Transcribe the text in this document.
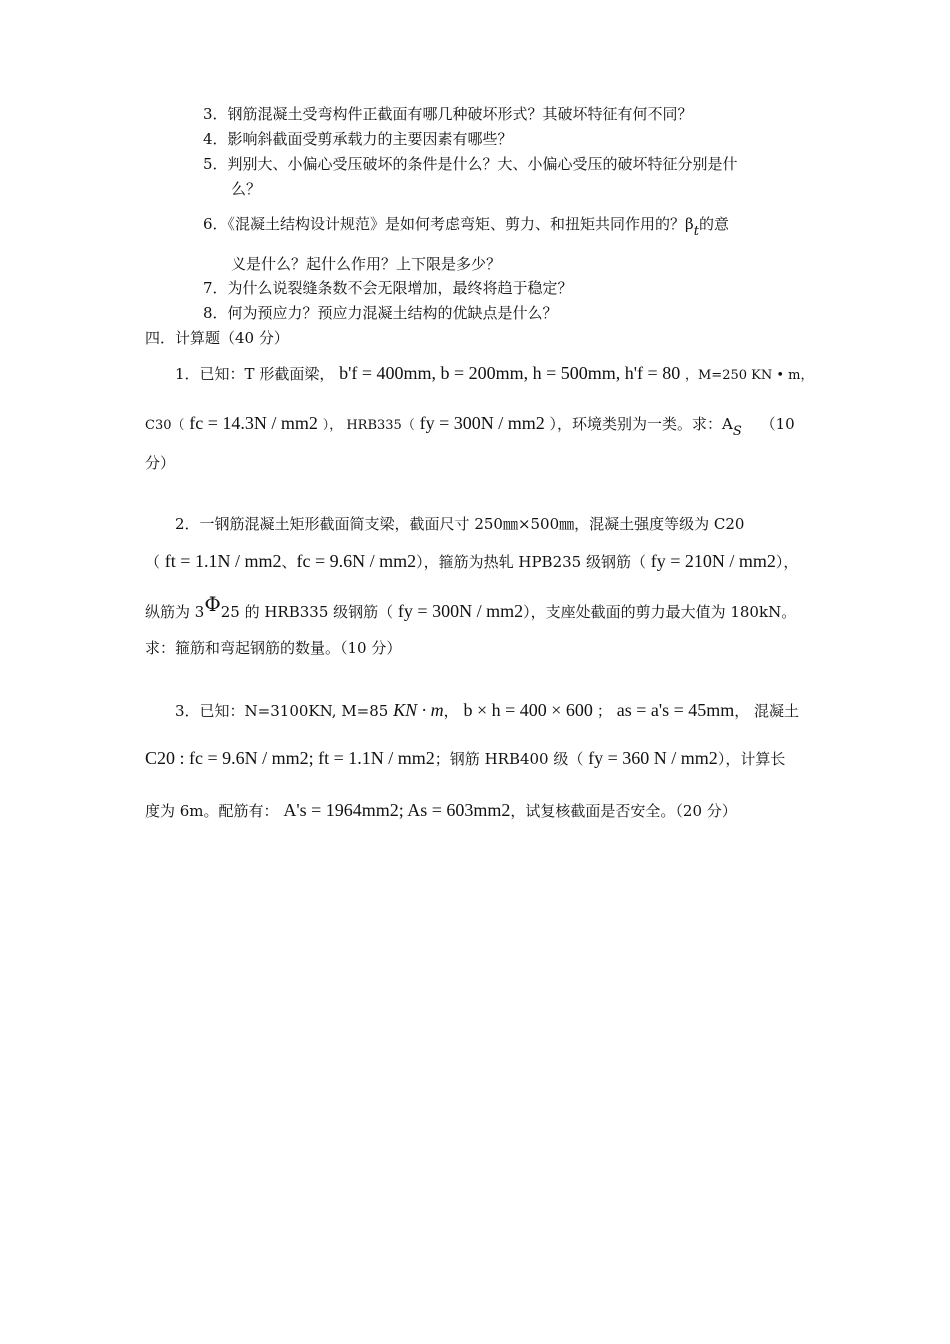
3．钢筋混凝土受弯构件正截面有哪几种破坏形式？其破坏特征有何不同？
4．影响斜截面受剪承载力的主要因素有哪些？
5．判别大、小偏心受压破坏的条件是什么？大、小偏心受压的破坏特征分别是什
么？
6．《混凝土结构设计规范》是如何考虑弯矩、剪力、和扭矩共同作用的？βt的意
义是什么？起什么作用？上下限是多少？
7．为什么说裂缝条数不会无限增加，最终将趋于稳定？
8．何为预应力？预应力混凝土结构的优缺点是什么？
四．计算题（40 分）
1．已知：T 形截面梁， b'f = 400mm, b = 200mm, h = 500mm, h'f = 80 ，M=250 KN • m，
C30（ fc = 14.3N / mm2 ）， HRB335（ fy = 300N / mm2 ），环境类别为一类。求：AS （10
分）
2．一钢筋混凝土矩形截面简支梁，截面尺寸 250㎜×500㎜，混凝土强度等级为 C20
（ ft = 1.1N / mm2、fc = 9.6N / mm2），箍筋为热轧 HPB235 级钢筋（ fy = 210N / mm2），
纵筋为 3Φ25 的 HRB335 级钢筋（ fy = 300N / mm2），支座处截面的剪力最大值为 180kN。
求：箍筋和弯起钢筋的数量。（10 分）
3．已知：N=3100KN, M=85 KN · m， b × h = 400 × 600 ； as = a's = 45mm， 混凝土
C20 : fc = 9.6N / mm2; ft = 1.1N / mm2；钢筋 HRB400 级（ fy = 360 N / mm2），计算长
度为 6m。配筋有： A's = 1964mm2; As = 603mm2，试复核截面是否安全。（20 分）
